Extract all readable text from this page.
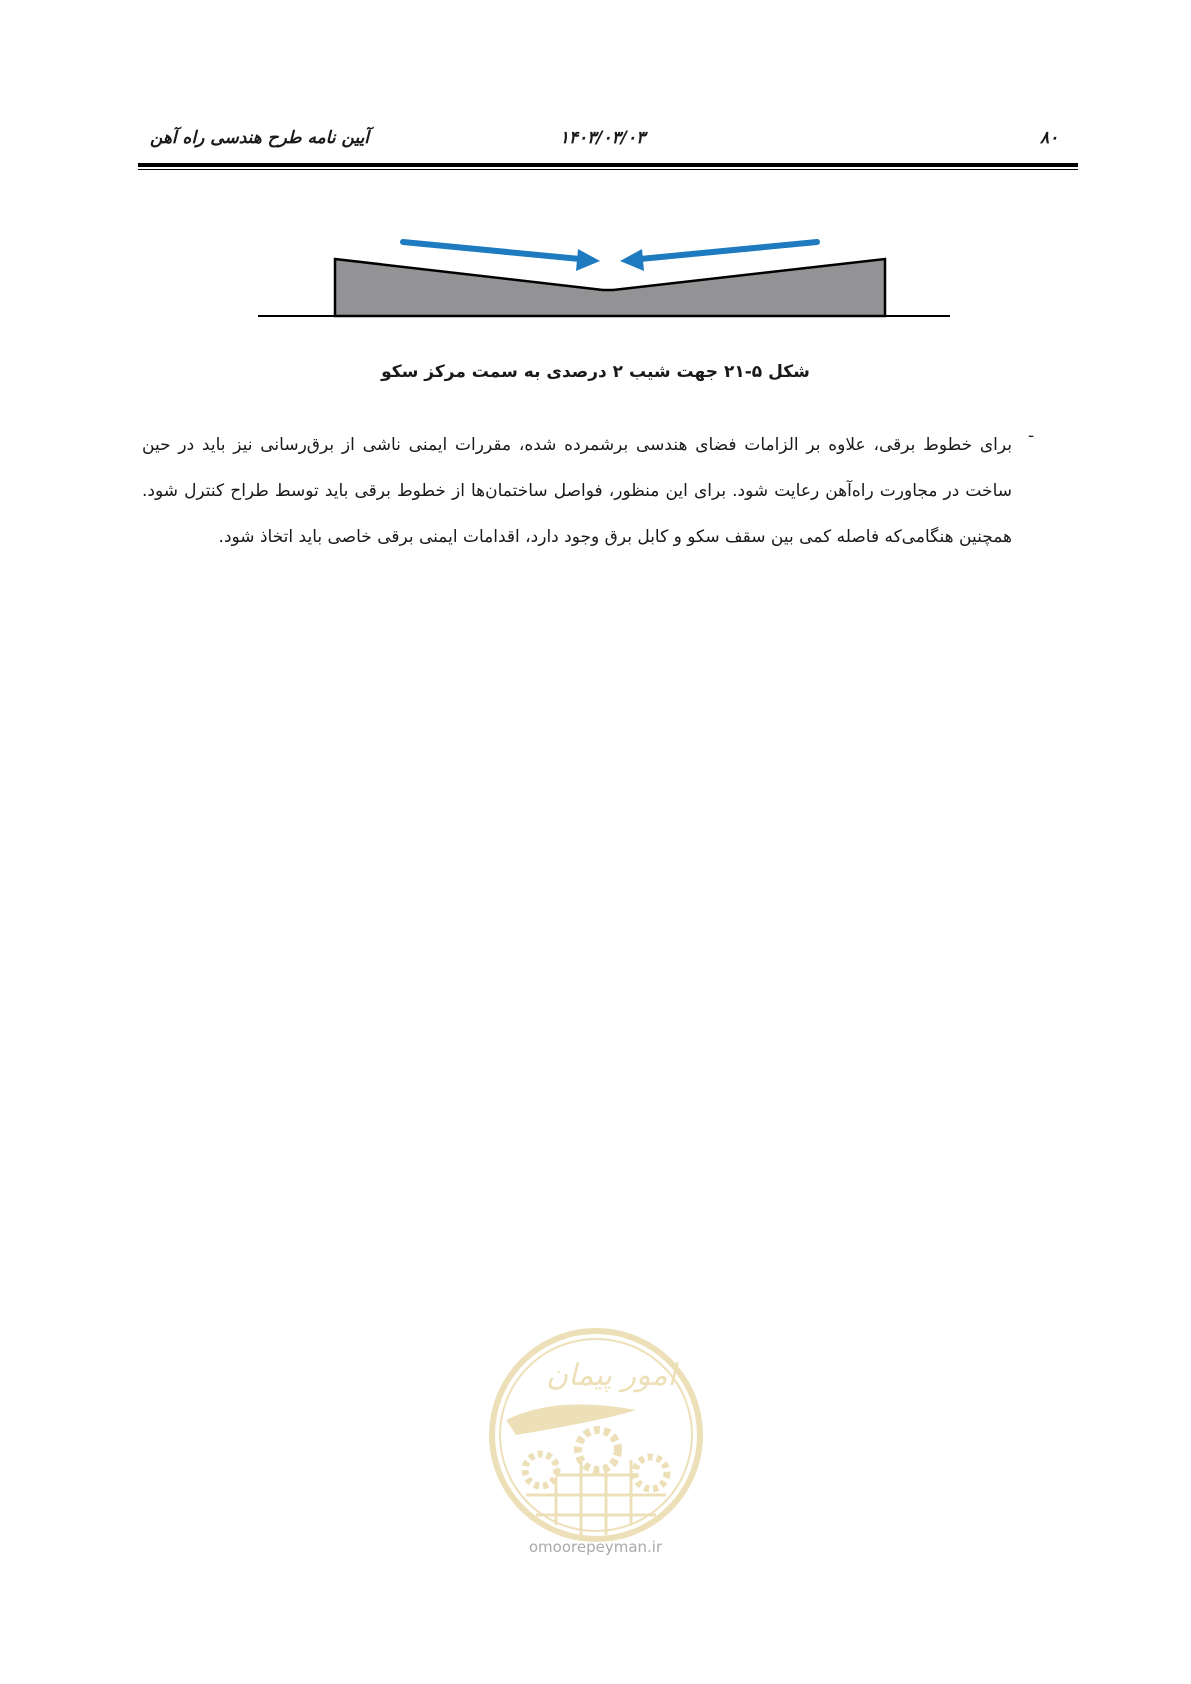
۸۰
۱۴۰۳/۰۳/۰۳
آیین نامه طرح هندسی راه آهن
شکل ۵-۲۱ جهت شیب ۲ درصدی به سمت مرکز سکو
-

برای خطوط برقی، علاوه بر الزامات فضای هندسی برشمرده شده، مقررات ایمنی ناشی از برق‌رسانی نیز باید در حین ساخت در مجاورت راه‌آهن رعایت شود. برای این منظور، فواصل ساختمان‌ها از خطوط برقی باید توسط طراح کنترل شود. همچنین هنگامی‌که فاصله کمی بین سقف سکو و کابل برق وجود دارد، اقدامات ایمنی برقی خاصی باید اتخاذ شود.

امور پیمان
omoorepeyman.ir
